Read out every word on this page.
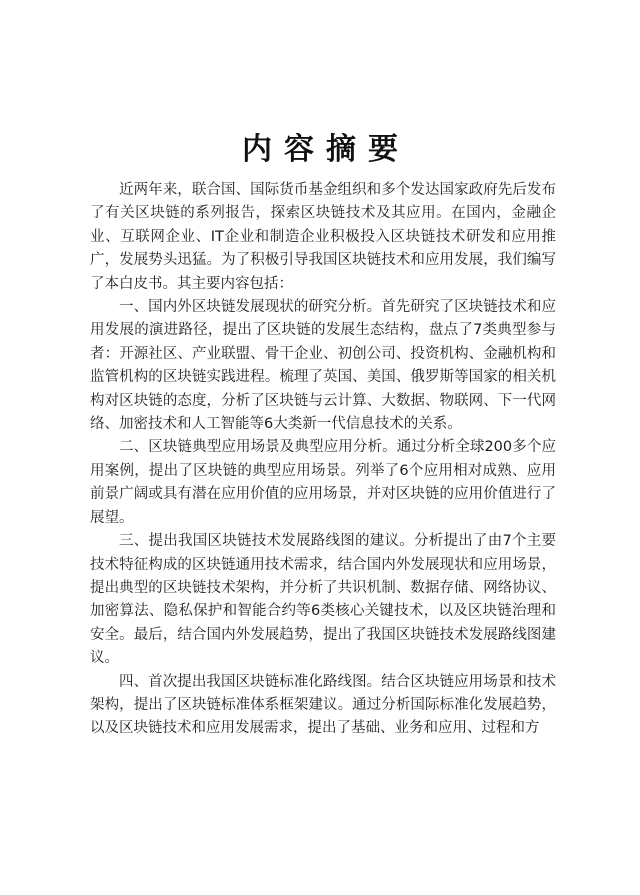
内容摘要

近两年来，联合国、国际货币基金组织和多个发达国家政府先后发布了有关区块链的系列报告，探索区块链技术及其应用。在国内，金融企业、互联网企业、IT企业和制造企业积极投入区块链技术研发和应用推广，发展势头迅猛。为了积极引导我国区块链技术和应用发展，我们编写了本白皮书。其主要内容包括：

一、国内外区块链发展现状的研究分析。首先研究了区块链技术和应用发展的演进路径，提出了区块链的发展生态结构，盘点了7类典型参与者：开源社区、产业联盟、骨干企业、初创公司、投资机构、金融机构和监管机构的区块链实践进程。梳理了英国、美国、俄罗斯等国家的相关机构对区块链的态度，分析了区块链与云计算、大数据、物联网、下一代网络、加密技术和人工智能等6大类新一代信息技术的关系。

二、区块链典型应用场景及典型应用分析。通过分析全球200多个应用案例，提出了区块链的典型应用场景。列举了6个应用相对成熟、应用前景广阔或具有潜在应用价值的应用场景，并对区块链的应用价值进行了展望。

三、提出我国区块链技术发展路线图的建议。分析提出了由7个主要技术特征构成的区块链通用技术需求，结合国内外发展现状和应用场景，提出典型的区块链技术架构，并分析了共识机制、数据存储、网络协议、加密算法、隐私保护和智能合约等6类核心关键技术，以及区块链治理和安全。最后，结合国内外发展趋势，提出了我国区块链技术发展路线图建议。

四、首次提出我国区块链标准化路线图。结合区块链应用场景和技术架构，提出了区块链标准体系框架建议。通过分析国际标准化发展趋势，以及区块链技术和应用发展需求，提出了基础、业务和应用、过程和方
